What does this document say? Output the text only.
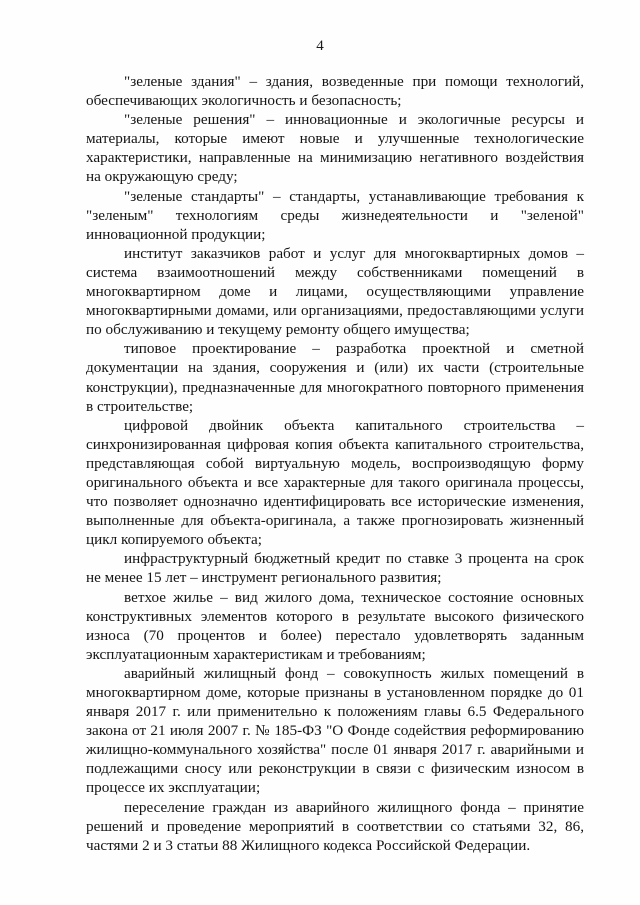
4

"зеленые здания" – здания, возведенные при помощи технологий, обеспечивающих экологичность и безопасность;

"зеленые решения" – инновационные и экологичные ресурсы и материалы, которые имеют новые и улучшенные технологические характеристики, направленные на минимизацию негативного воздействия на окружающую среду;

"зеленые стандарты" – стандарты, устанавливающие требования к "зеленым" технологиям среды жизнедеятельности и "зеленой" инновационной продукции;

институт заказчиков работ и услуг для многоквартирных домов – система взаимоотношений между собственниками помещений в многоквартирном доме и лицами, осуществляющими управление многоквартирными домами, или организациями, предоставляющими услуги по обслуживанию и текущему ремонту общего имущества;

типовое проектирование – разработка проектной и сметной документации на здания, сооружения и (или) их части (строительные конструкции), предназначенные для многократного повторного применения в строительстве;

цифровой двойник объекта капитального строительства – синхронизированная цифровая копия объекта капитального строительства, представляющая собой виртуальную модель, воспроизводящую форму оригинального объекта и все характерные для такого оригинала процессы, что позволяет однозначно идентифицировать все исторические изменения, выполненные для объекта-оригинала, а также прогнозировать жизненный цикл копируемого объекта;

инфраструктурный бюджетный кредит по ставке 3 процента на срок не менее 15 лет – инструмент регионального развития;

ветхое жилье – вид жилого дома, техническое состояние основных конструктивных элементов которого в результате высокого физического износа (70 процентов и более) перестало удовлетворять заданным эксплуатационным характеристикам и требованиям;

аварийный жилищный фонд – совокупность жилых помещений в многоквартирном доме, которые признаны в установленном порядке до 01 января 2017 г. или применительно к положениям главы 6.5 Федерального закона от 21 июля 2007 г. № 185-ФЗ "О Фонде содействия реформированию жилищно-коммунального хозяйства" после 01 января 2017 г. аварийными и подлежащими сносу или реконструкции в связи с физическим износом в процессе их эксплуатации;

переселение граждан из аварийного жилищного фонда – принятие решений и проведение мероприятий в соответствии со статьями 32, 86, частями 2 и 3 статьи 88 Жилищного кодекса Российской Федерации.
